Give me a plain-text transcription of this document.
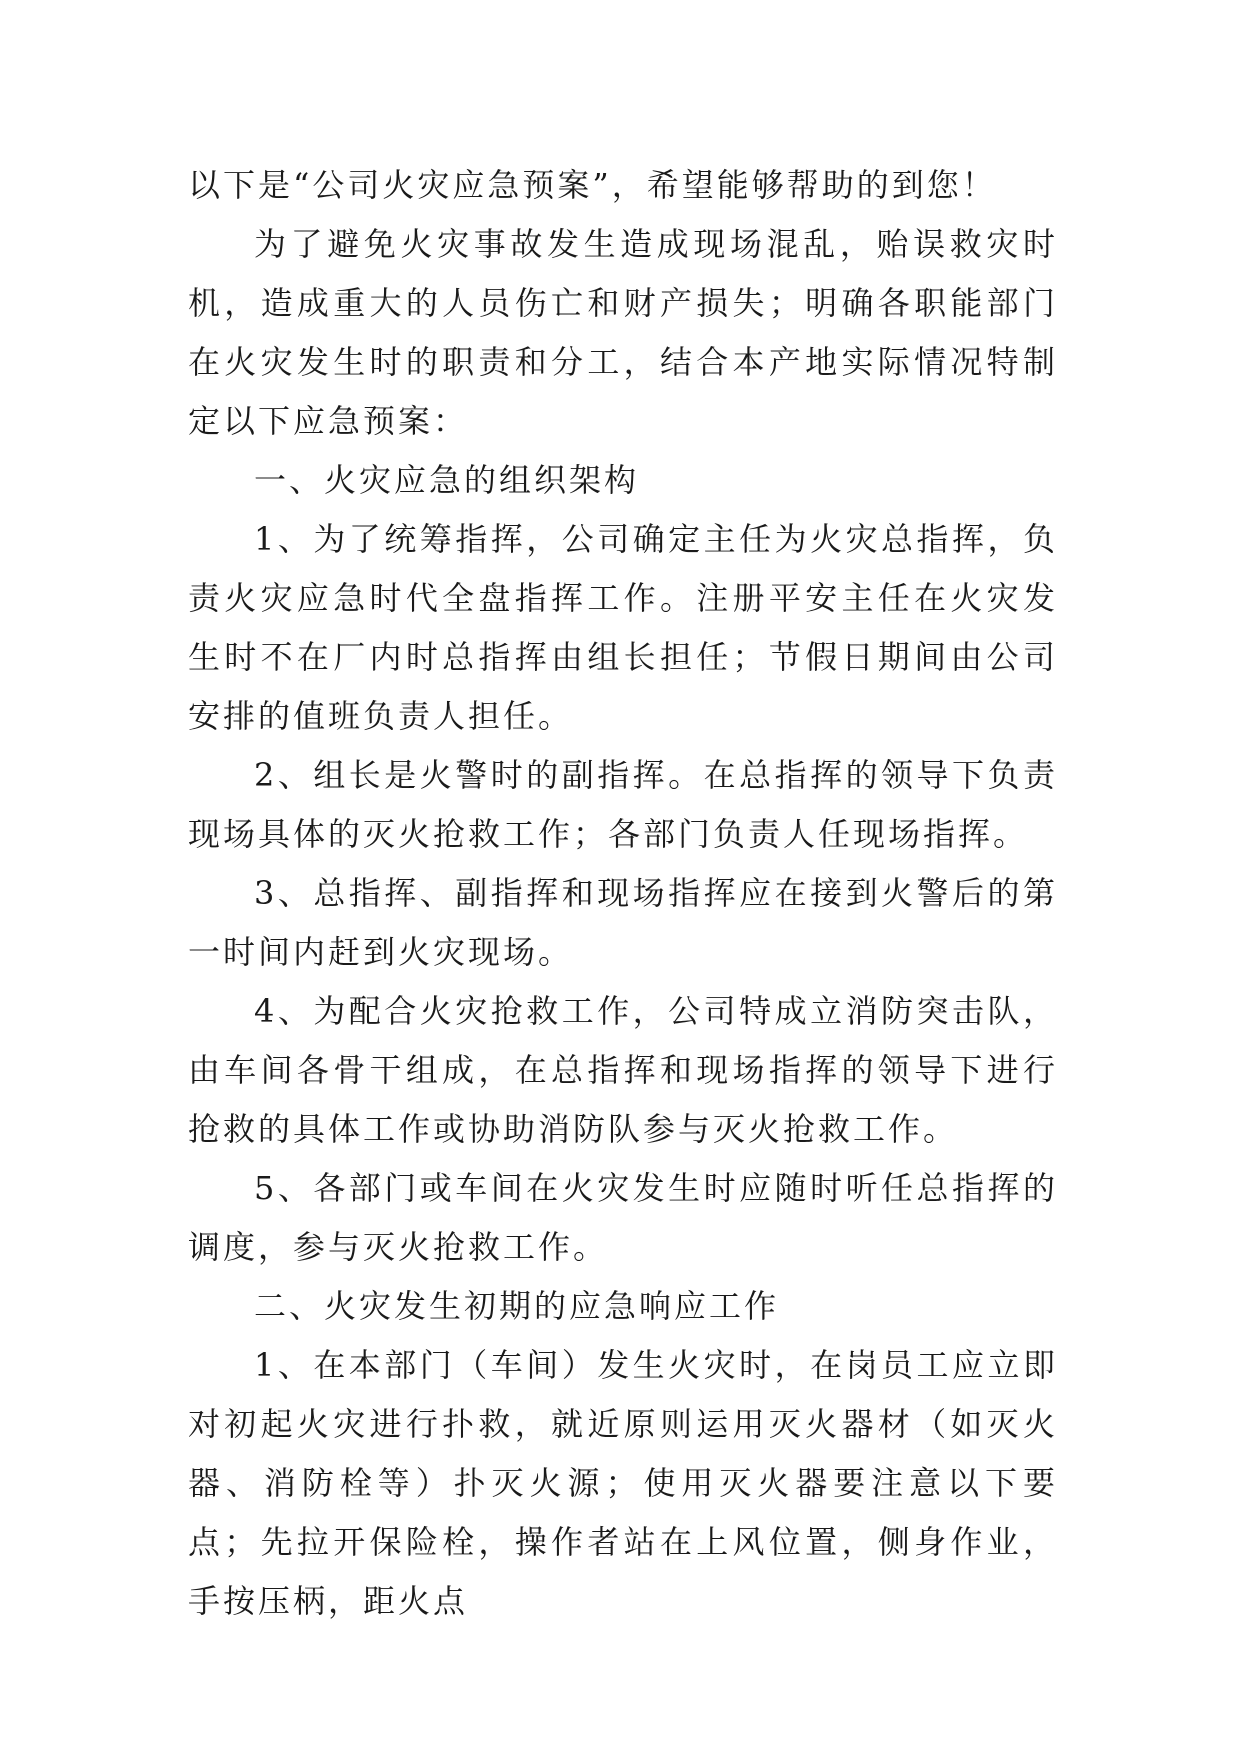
以下是“公司火灾应急预案”，希望能够帮助的到您！

为了避免火灾事故发生造成现场混乱，贻误救灾时机，造成重大的人员伤亡和财产损失；明确各职能部门在火灾发生时的职责和分工，结合本产地实际情况特制定以下应急预案：

一、火灾应急的组织架构

1、为了统筹指挥，公司确定主任为火灾总指挥，负责火灾应急时代全盘指挥工作。注册平安主任在火灾发生时不在厂内时总指挥由组长担任；节假日期间由公司安排的值班负责人担任。

2、组长是火警时的副指挥。在总指挥的领导下负责现场具体的灭火抢救工作；各部门负责人任现场指挥。

3、总指挥、副指挥和现场指挥应在接到火警后的第一时间内赶到火灾现场。

4、为配合火灾抢救工作，公司特成立消防突击队，由车间各骨干组成，在总指挥和现场指挥的领导下进行抢救的具体工作或协助消防队参与灭火抢救工作。

5、各部门或车间在火灾发生时应随时听任总指挥的调度，参与灭火抢救工作。

二、火灾发生初期的应急响应工作

1、在本部门（车间）发生火灾时，在岗员工应立即对初起火灾进行扑救，就近原则运用灭火器材（如灭火器、消防栓等）扑灭火源；使用灭火器要注意以下要点；先拉开保险栓，操作者站在上风位置，侧身作业，手按压柄，距火点
